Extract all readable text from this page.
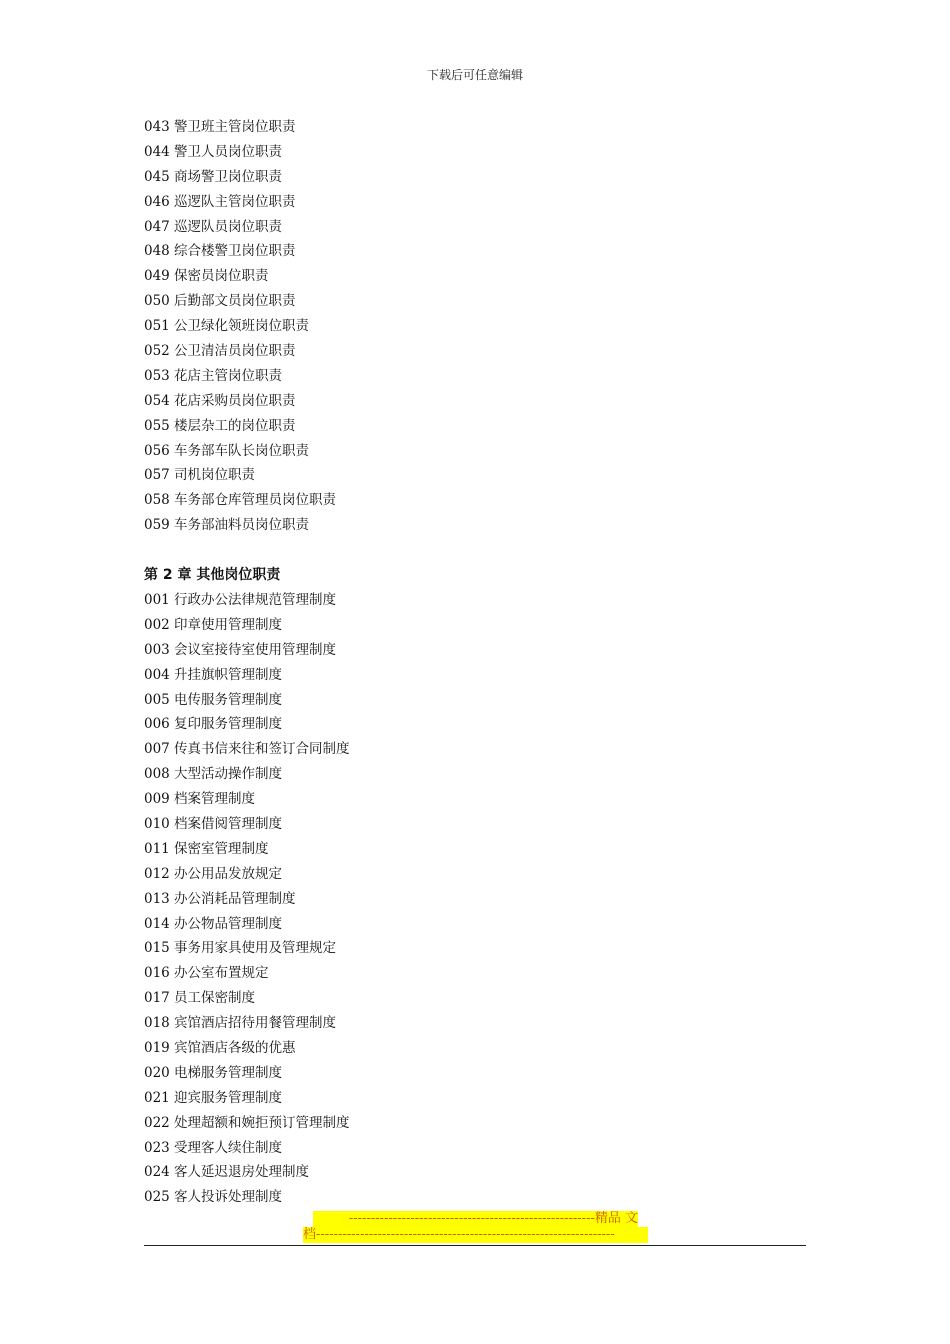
下载后可任意编辑
043 警卫班主管岗位职责
044 警卫人员岗位职责
045 商场警卫岗位职责
046 巡逻队主管岗位职责
047 巡逻队员岗位职责
048 综合楼警卫岗位职责
049 保密员岗位职责
050 后勤部文员岗位职责
051 公卫绿化领班岗位职责
052 公卫清洁员岗位职责
053 花店主管岗位职责
054 花店采购员岗位职责
055 楼层杂工的岗位职责
056 车务部车队长岗位职责
057 司机岗位职责
058 车务部仓库管理员岗位职责
059 车务部油料员岗位职责
第 2 章 其他岗位职责
001 行政办公法律规范管理制度
002 印章使用管理制度
003 会议室接待室使用管理制度
004 升挂旗帜管理制度
005 电传服务管理制度
006 复印服务管理制度
007 传真书信来往和签订合同制度
008 大型活动操作制度
009 档案管理制度
010 档案借阅管理制度
011 保密室管理制度
012 办公用品发放规定
013 办公消耗品管理制度
014 办公物品管理制度
015 事务用家具使用及管理规定
016 办公室布置规定
017 员工保密制度
018 宾馆酒店招待用餐管理制度
019 宾馆酒店各级的优惠
020 电梯服务管理制度
021 迎宾服务管理制度
022 处理超额和婉拒预订管理制度
023 受理客人续住制度
024 客人延迟退房处理制度
025 客人投诉处理制度
--------------------------------------------------------精品 文
档--------------------------------------------------------------------
